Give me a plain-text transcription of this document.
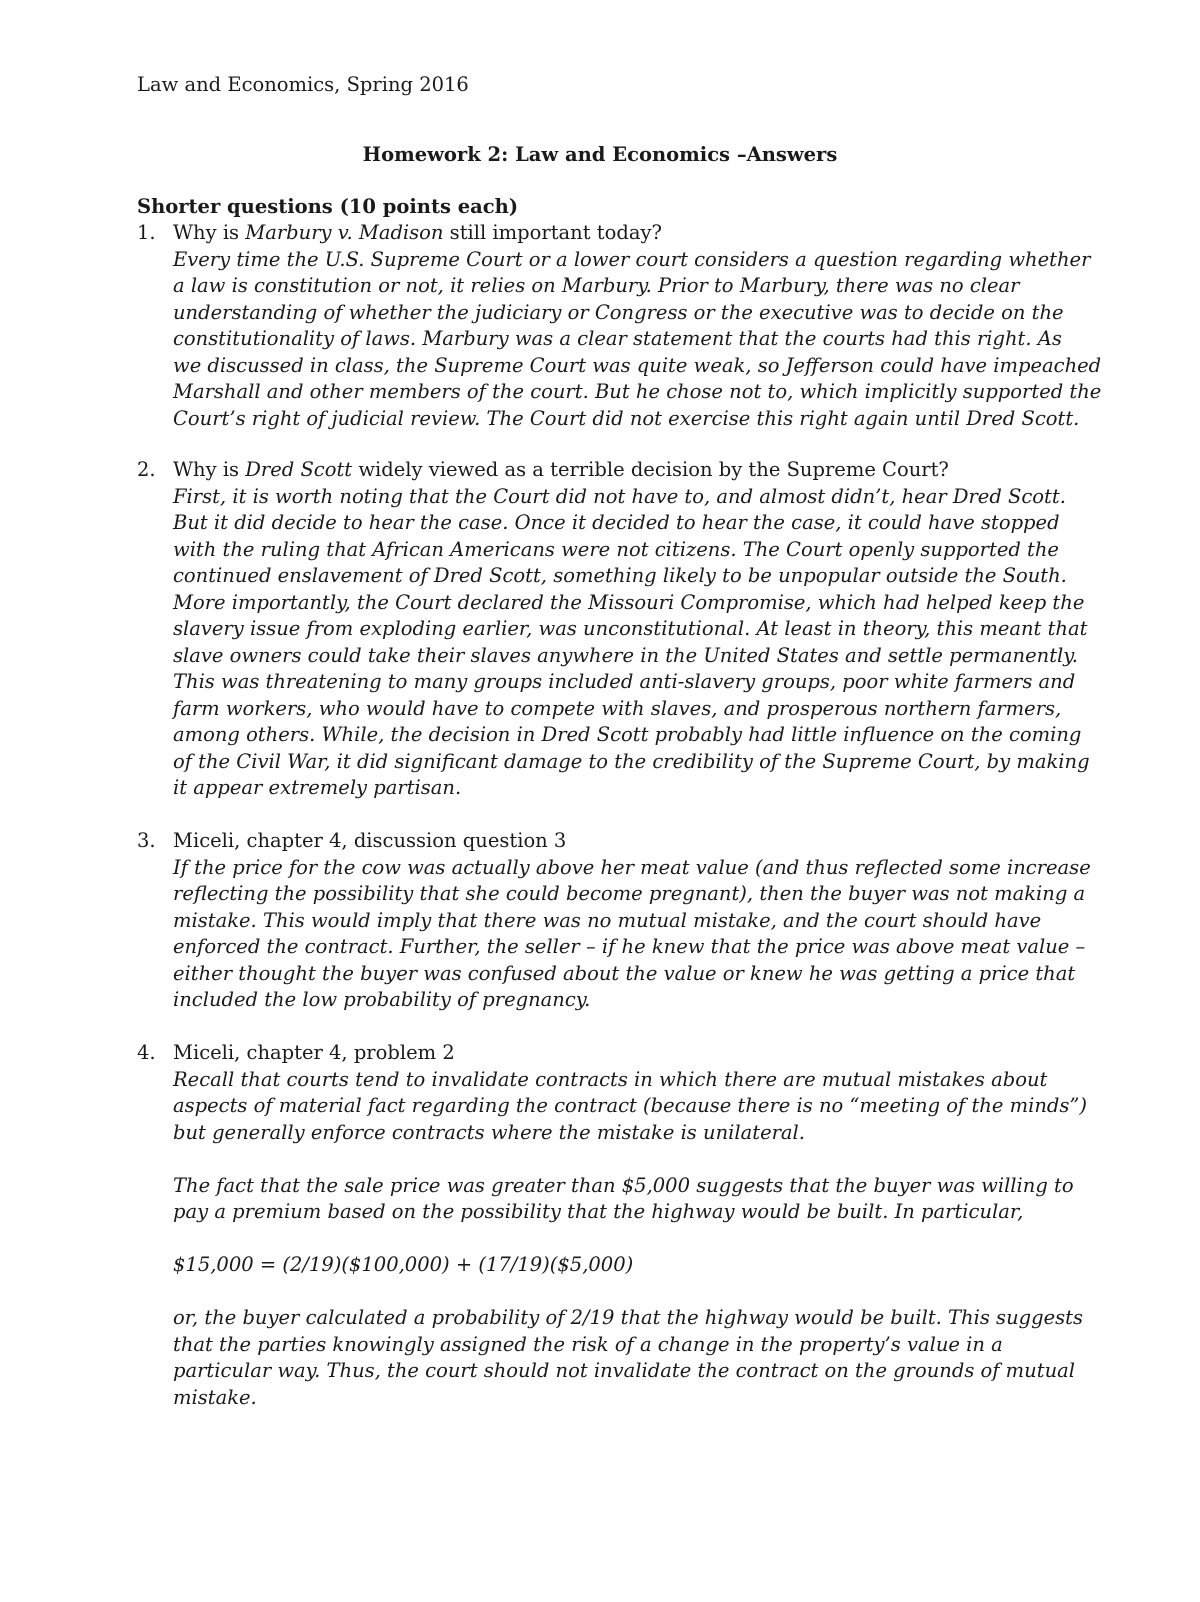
Law and Economics, Spring 2016
Homework 2: Law and Economics –Answers
Shorter questions (10 points each)
1. Why is Marbury v. Madison still important today?
Every time the U.S. Supreme Court or a lower court considers a question regarding whether
a law is constitution or not, it relies on Marbury. Prior to Marbury, there was no clear
understanding of whether the judiciary or Congress or the executive was to decide on the
constitutionality of laws. Marbury was a clear statement that the courts had this right. As
we discussed in class, the Supreme Court was quite weak, so Jefferson could have impeached
Marshall and other members of the court. But he chose not to, which implicitly supported the
Court’s right of judicial review. The Court did not exercise this right again until Dred Scott.
2. Why is Dred Scott widely viewed as a terrible decision by the Supreme Court?
First, it is worth noting that the Court did not have to, and almost didn’t, hear Dred Scott.
But it did decide to hear the case. Once it decided to hear the case, it could have stopped
with the ruling that African Americans were not citizens. The Court openly supported the
continued enslavement of Dred Scott, something likely to be unpopular outside the South.
More importantly, the Court declared the Missouri Compromise, which had helped keep the
slavery issue from exploding earlier, was unconstitutional. At least in theory, this meant that
slave owners could take their slaves anywhere in the United States and settle permanently.
This was threatening to many groups included anti-slavery groups, poor white farmers and
farm workers, who would have to compete with slaves, and prosperous northern farmers,
among others. While, the decision in Dred Scott probably had little influence on the coming
of the Civil War, it did significant damage to the credibility of the Supreme Court, by making
it appear extremely partisan.
3. Miceli, chapter 4, discussion question 3
If the price for the cow was actually above her meat value (and thus reflected some increase
reflecting the possibility that she could become pregnant), then the buyer was not making a
mistake. This would imply that there was no mutual mistake, and the court should have
enforced the contract. Further, the seller – if he knew that the price was above meat value –
either thought the buyer was confused about the value or knew he was getting a price that
included the low probability of pregnancy.
4. Miceli, chapter 4, problem 2
Recall that courts tend to invalidate contracts in which there are mutual mistakes about
aspects of material fact regarding the contract (because there is no “meeting of the minds”)
but generally enforce contracts where the mistake is unilateral.
The fact that the sale price was greater than $5,000 suggests that the buyer was willing to
pay a premium based on the possibility that the highway would be built. In particular,
$15,000 = (2/19)($100,000) + (17/19)($5,000)
or, the buyer calculated a probability of 2/19 that the highway would be built. This suggests
that the parties knowingly assigned the risk of a change in the property’s value in a
particular way. Thus, the court should not invalidate the contract on the grounds of mutual
mistake.
